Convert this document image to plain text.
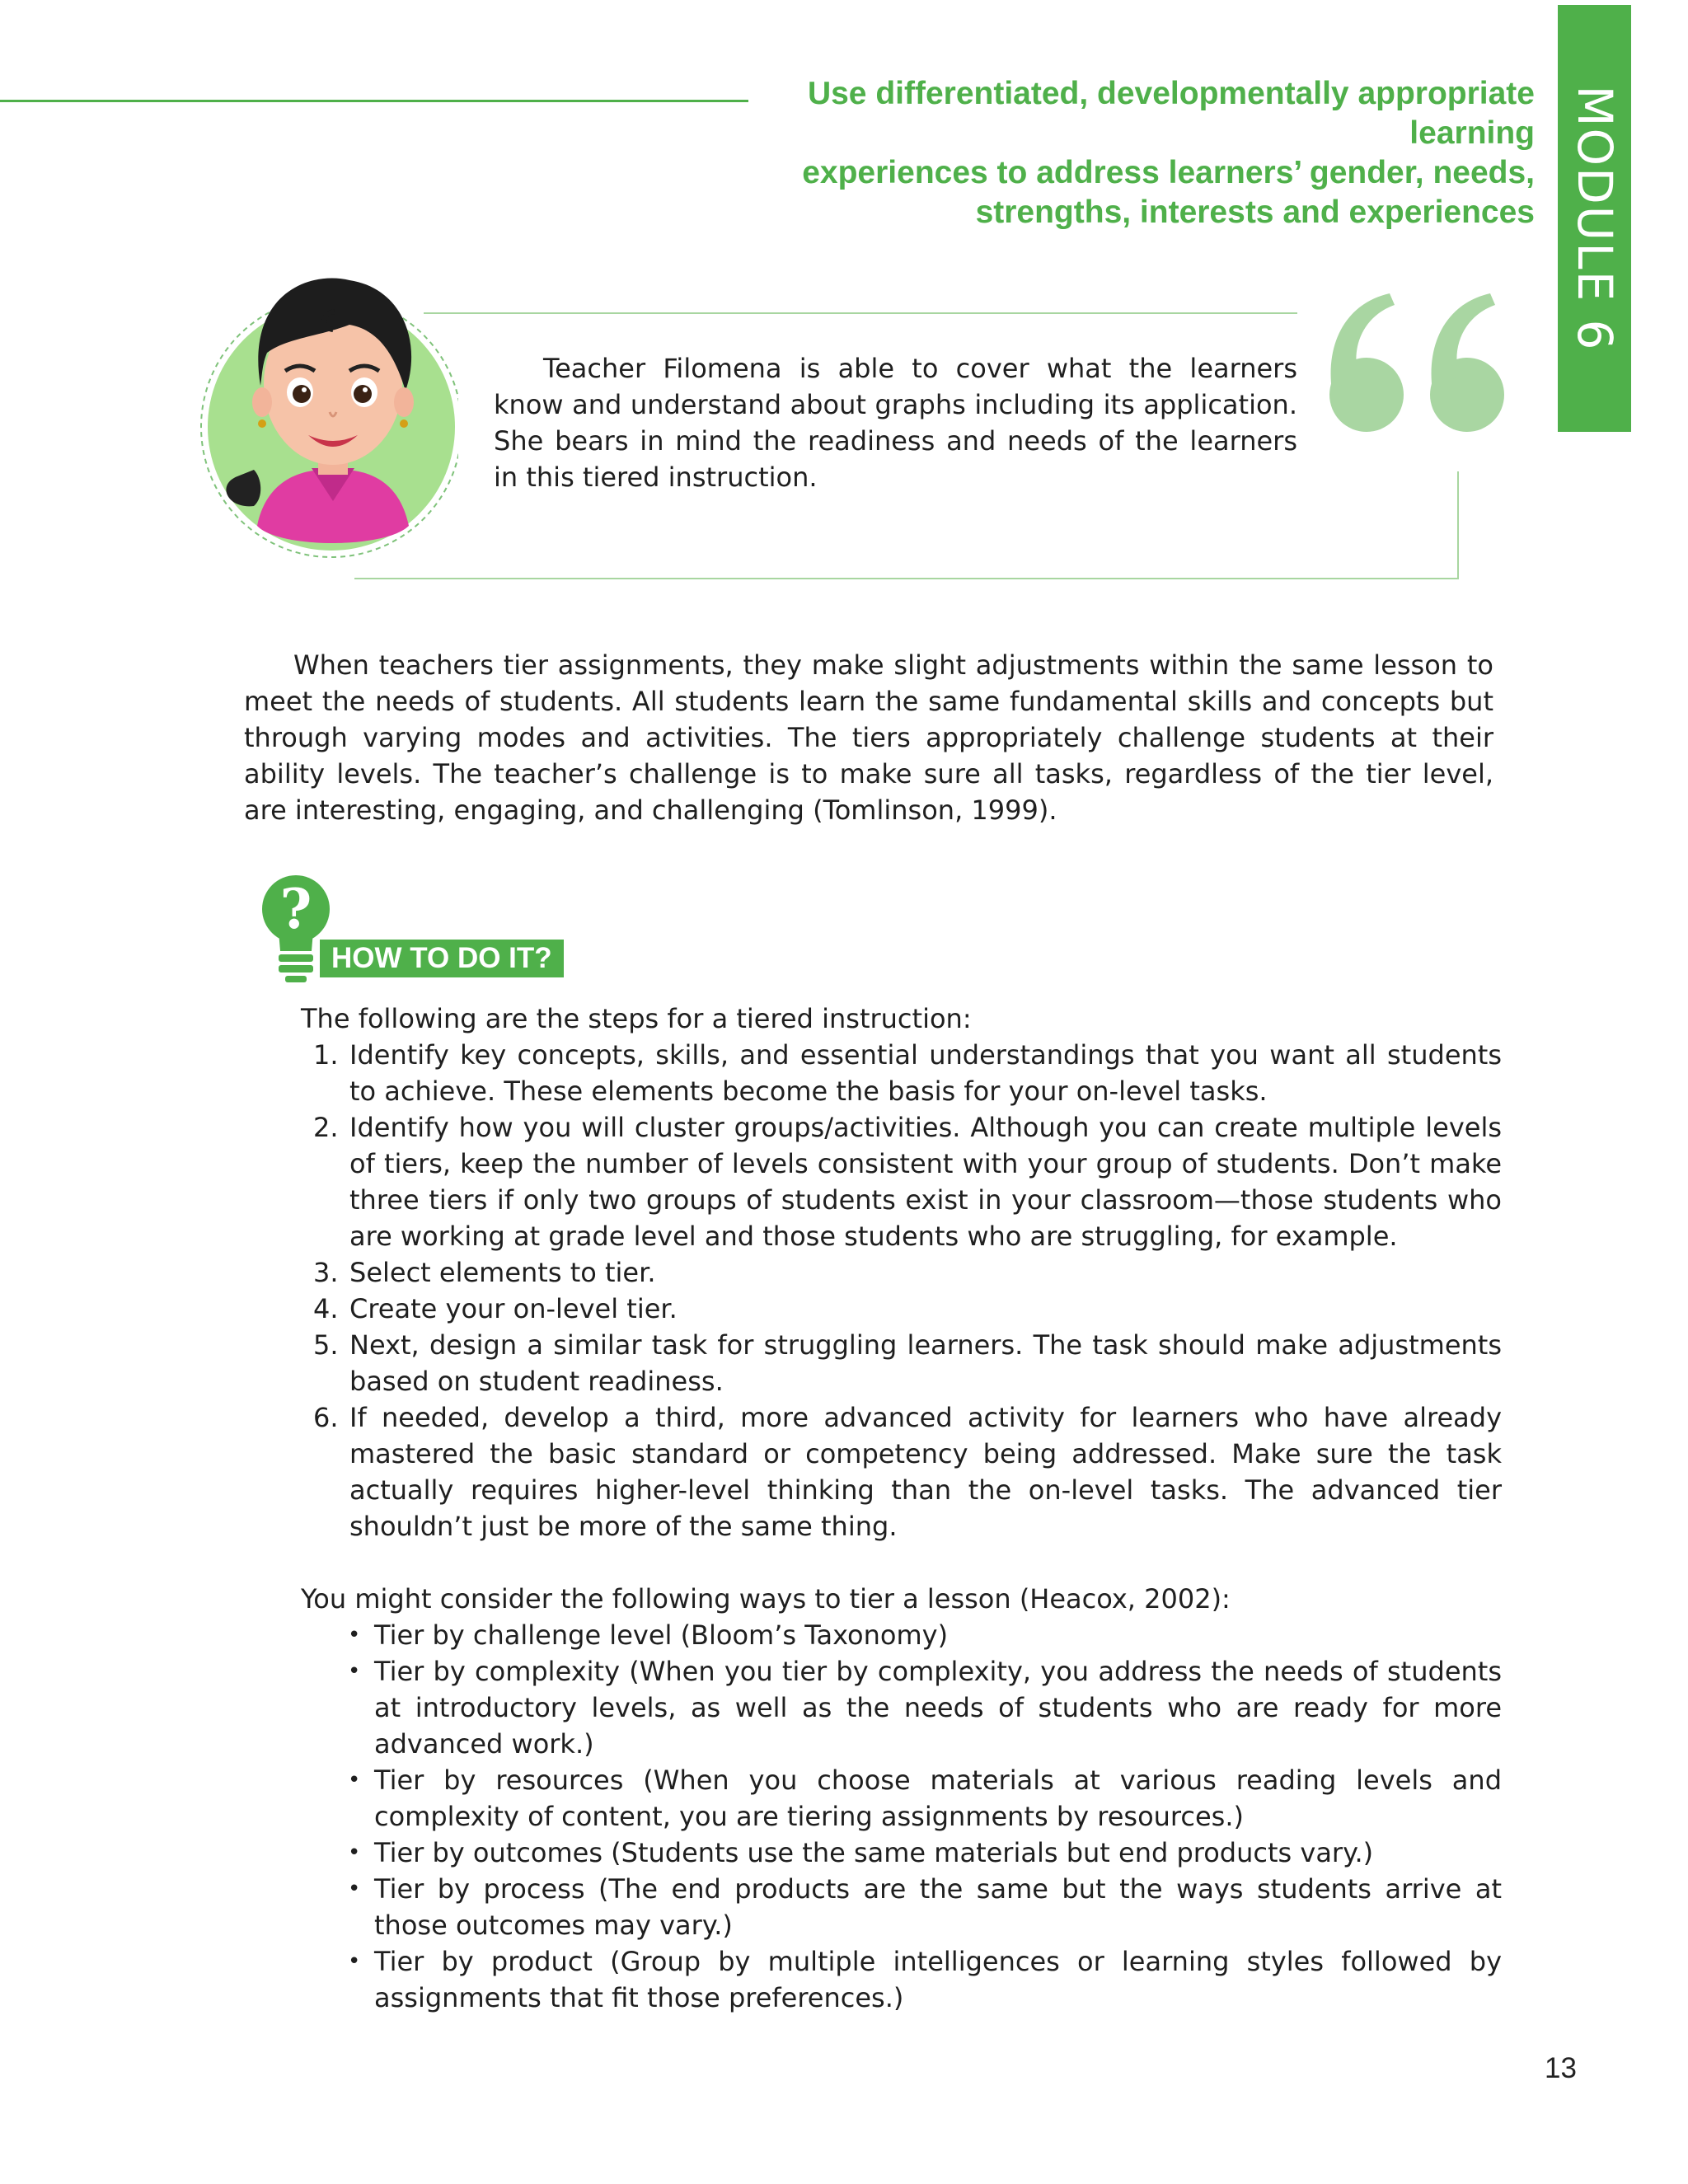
Use differentiated, developmentally appropriate learning
experiences to address learners’ gender, needs,
strengths, interests and experiences MODULE 6
Teacher Filomena is able to cover what the learners know and understand about graphs including its application. She bears in mind the readiness and needs of the learners in this tiered instruction.
When teachers tier assignments, they make slight adjustments within the same lesson to meet the needs of students. All students learn the same fundamental skills and concepts but through varying modes and activities. The tiers appropriately challenge students at their ability levels. The teacher’s challenge is to make sure all tasks, regardless of the tier level, are interesting, engaging, and challenging (Tomlinson, 1999).
?
HOW TO DO IT?
The following are the steps for a tiered instruction:
1. Identify key concepts, skills, and essential understandings that you want all students to achieve. These elements become the basis for your on-level tasks.
2. Identify how you will cluster groups/activities. Although you can create multiple levels of tiers, keep the number of levels consistent with your group of students. Don’t make three tiers if only two groups of students exist in your classroom—those students who are working at grade level and those students who are struggling, for example.
3. Select elements to tier.
4. Create your on-level tier.
5. Next, design a similar task for struggling learners. The task should make adjustments based on student readiness.
6. If needed, develop a third, more advanced activity for learners who have already mastered the basic standard or competency being addressed. Make sure the task actually requires higher-level thinking than the on-level tasks. The advanced tier shouldn’t just be more of the same thing.
You might consider the following ways to tier a lesson (Heacox, 2002):
• Tier by challenge level (Bloom’s Taxonomy)
• Tier by complexity (When you tier by complexity, you address the needs of students at introductory levels, as well as the needs of students who are ready for more advanced work.)
• Tier by resources (When you choose materials at various reading levels and complexity of content, you are tiering assignments by resources.)
• Tier by outcomes (Students use the same materials but end products vary.)
• Tier by process (The end products are the same but the ways students arrive at those outcomes may vary.)
• Tier by product (Group by multiple intelligences or learning styles followed by assignments that fit those preferences.)
13
